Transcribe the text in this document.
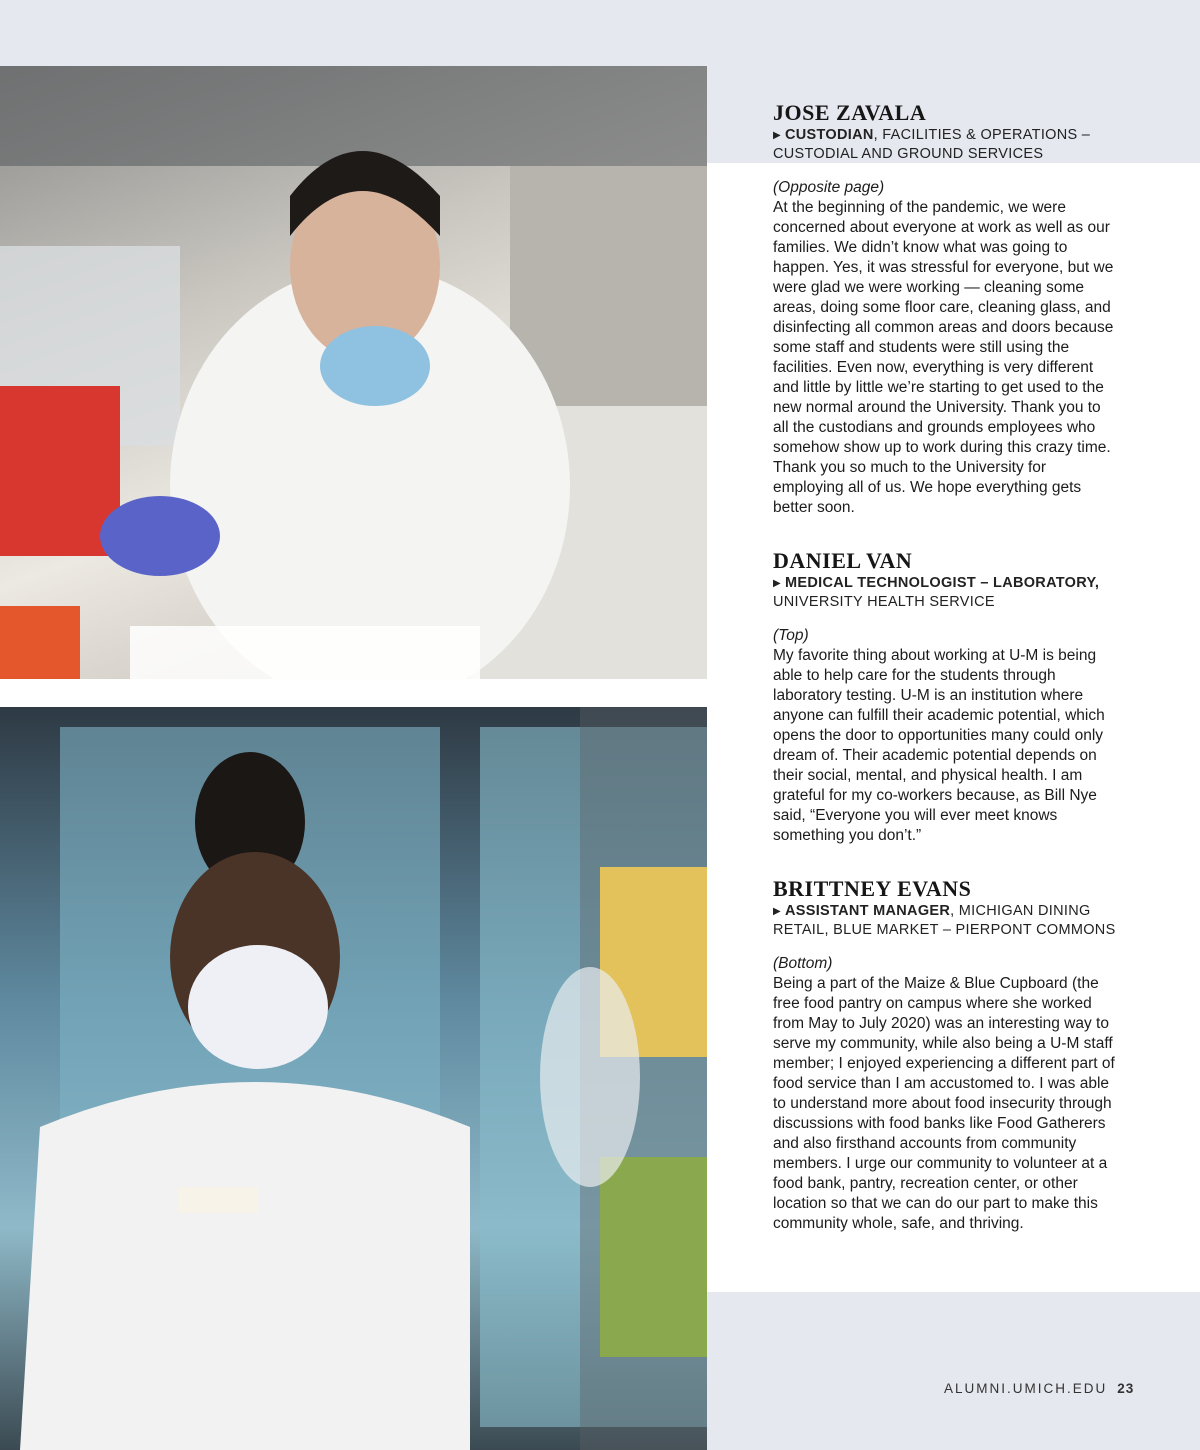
JOSE ZAVALA
▶ CUSTODIAN, FACILITIES & OPERATIONS – CUSTODIAL AND GROUND SERVICES
(Opposite page)
At the beginning of the pandemic, we were concerned about everyone at work as well as our families. We didn’t know what was going to happen. Yes, it was stressful for everyone, but we were glad we were working — cleaning some areas, doing some floor care, cleaning glass, and disinfecting all common areas and doors because some staff and students were still using the facilities. Even now, everything is very different and little by little we’re starting to get used to the new normal around the University. Thank you to all the custodians and grounds employees who somehow show up to work during this crazy time. Thank you so much to the University for employing all of us. We hope everything gets better soon.
DANIEL VAN
▶ MEDICAL TECHNOLOGIST – LABORATORY, UNIVERSITY HEALTH SERVICE
(Top)
My favorite thing about working at U-M is being able to help care for the students through laboratory testing. U-M is an institution where anyone can fulfill their academic potential, which opens the door to opportunities many could only dream of. Their academic potential depends on their social, mental, and physical health. I am grateful for my co-workers because, as Bill Nye said, “Everyone you will ever meet knows something you don’t.”
BRITTNEY EVANS
▶ ASSISTANT MANAGER, MICHIGAN DINING RETAIL, BLUE MARKET – PIERPONT COMMONS
(Bottom)
Being a part of the Maize & Blue Cupboard (the free food pantry on campus where she worked from May to July 2020) was an interesting way to serve my community, while also being a U-M staff member; I enjoyed experiencing a different part of food service than I am accustomed to. I was able to understand more about food insecurity through discussions with food banks like Food Gatherers and also firsthand accounts from community members. I urge our community to volunteer at a food bank, pantry, recreation center, or other location so that we can do our part to make this community whole, safe, and thriving.
ALUMNI.UMICH.EDU 23
